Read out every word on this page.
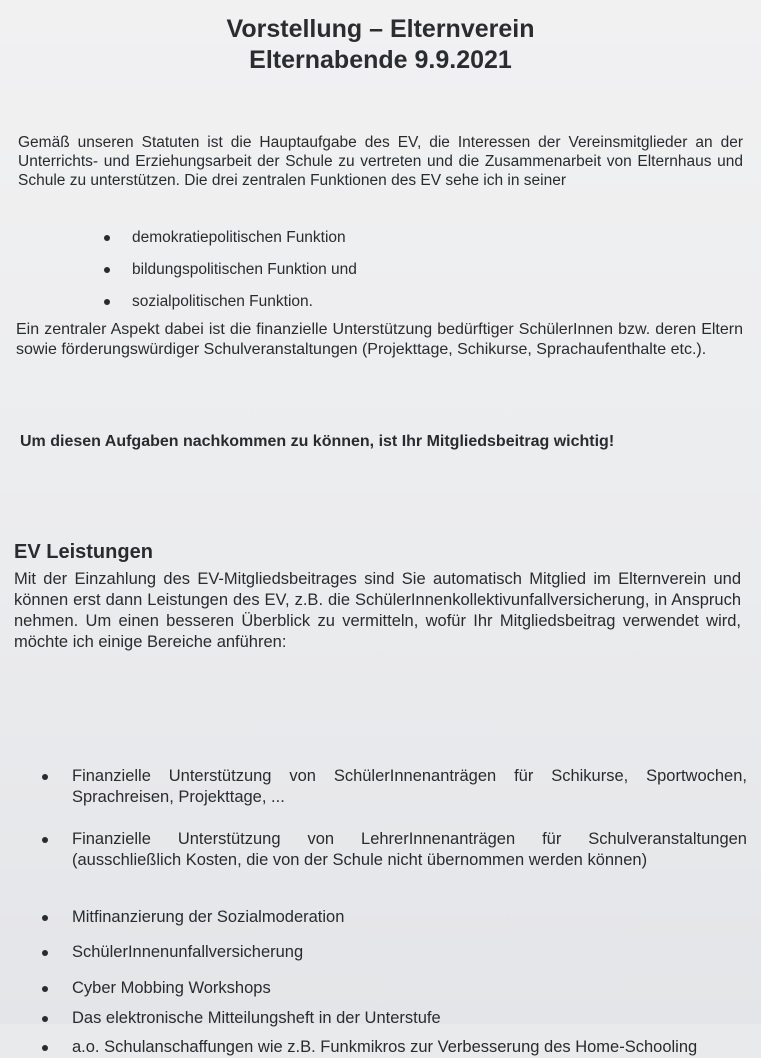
Vorstellung – Elternverein
Elternabende 9.9.2021

Gemäß unseren Statuten ist die Hauptaufgabe des EV, die Interessen der Vereinsmitglieder an der Unterrichts- und Erziehungsarbeit der Schule zu vertreten und die Zusammenarbeit von Elternhaus und Schule zu unterstützen. Die drei zentralen Funktionen des EV sehe ich in seiner

demokratiepolitischen Funktion
bildungspolitischen Funktion und
sozialpolitischen Funktion.

Ein zentraler Aspekt dabei ist die finanzielle Unterstützung bedürftiger SchülerInnen bzw. deren Eltern sowie förderungswürdiger Schulveranstaltungen (Projekttage, Schikurse, Sprachaufenthalte etc.).

Um diesen Aufgaben nachkommen zu können, ist Ihr Mitgliedsbeitrag wichtig!

EV Leistungen

Mit der Einzahlung des EV-Mitgliedsbeitrages sind Sie automatisch Mitglied im Elternverein und können erst dann Leistungen des EV, z.B. die SchülerInnenkollektivunfallversicherung, in Anspruch nehmen. Um einen besseren Überblick zu vermitteln, wofür Ihr Mitgliedsbeitrag verwendet wird, möchte ich einige Bereiche anführen:

Finanzielle Unterstützung von SchülerInnenanträgen für Schikurse, Sportwochen, Sprachreisen, Projekttage, ...
Finanzielle Unterstützung von LehrerInnenanträgen für Schulveranstaltungen (ausschließlich Kosten, die von der Schule nicht übernommen werden können)
Mitfinanzierung der Sozialmoderation
SchülerInnenunfallversicherung
Cyber Mobbing Workshops
Das elektronische Mitteilungsheft in der Unterstufe
a.o. Schulanschaffungen wie z.B. Funkmikros zur Verbesserung des Home-Schooling
